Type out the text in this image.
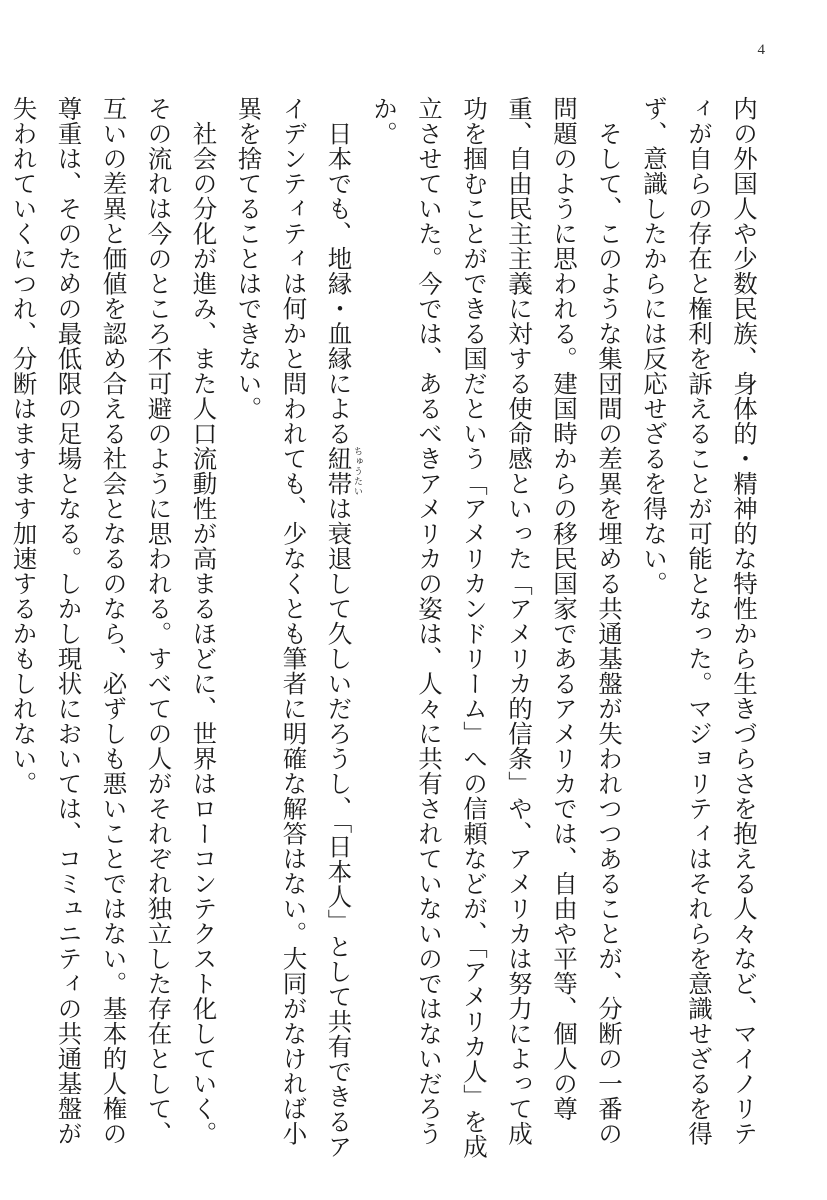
4

内の外国人や少数民族、身体的・精神的な特性から生きづらさを抱える人々など、マイノリティが自らの存在と権利を訴えることが可能となった。マジョリティはそれらを意識せざるを得ず、意識したからには反応せざるを得ない。

そして、このような集団間の差異を埋める共通基盤が失われつつあることが、分断の一番の問題のように思われる。建国時からの移民国家であるアメリカでは、自由や平等、個人の尊重、自由民主主義に対する使命感といった「アメリカ的信条」や、アメリカは努力によって成功を掴むことができる国だという「アメリカンドリーム」への信頼などが、「アメリカ人」を成立させていた。今では、あるべきアメリカの姿は、人々に共有されていないのではないだろうか。

日本でも、地縁・血縁による紐帯ちゅうたいは衰退して久しいだろうし、「日本人」として共有できるアイデンティティは何かと問われても、少なくとも筆者に明確な解答はない。大同がなければ小異を捨てることはできない。

社会の分化が進み、また人口流動性が高まるほどに、世界はローコンテクスト化していく。その流れは今のところ不可避のように思われる。すべての人がそれぞれ独立した存在として、互いの差異と価値を認め合える社会となるのなら、必ずしも悪いことではない。基本的人権の尊重は、そのための最低限の足場となる。しかし現状においては、コミュニティの共通基盤が失われていくにつれ、分断はますます加速するかもしれない。
